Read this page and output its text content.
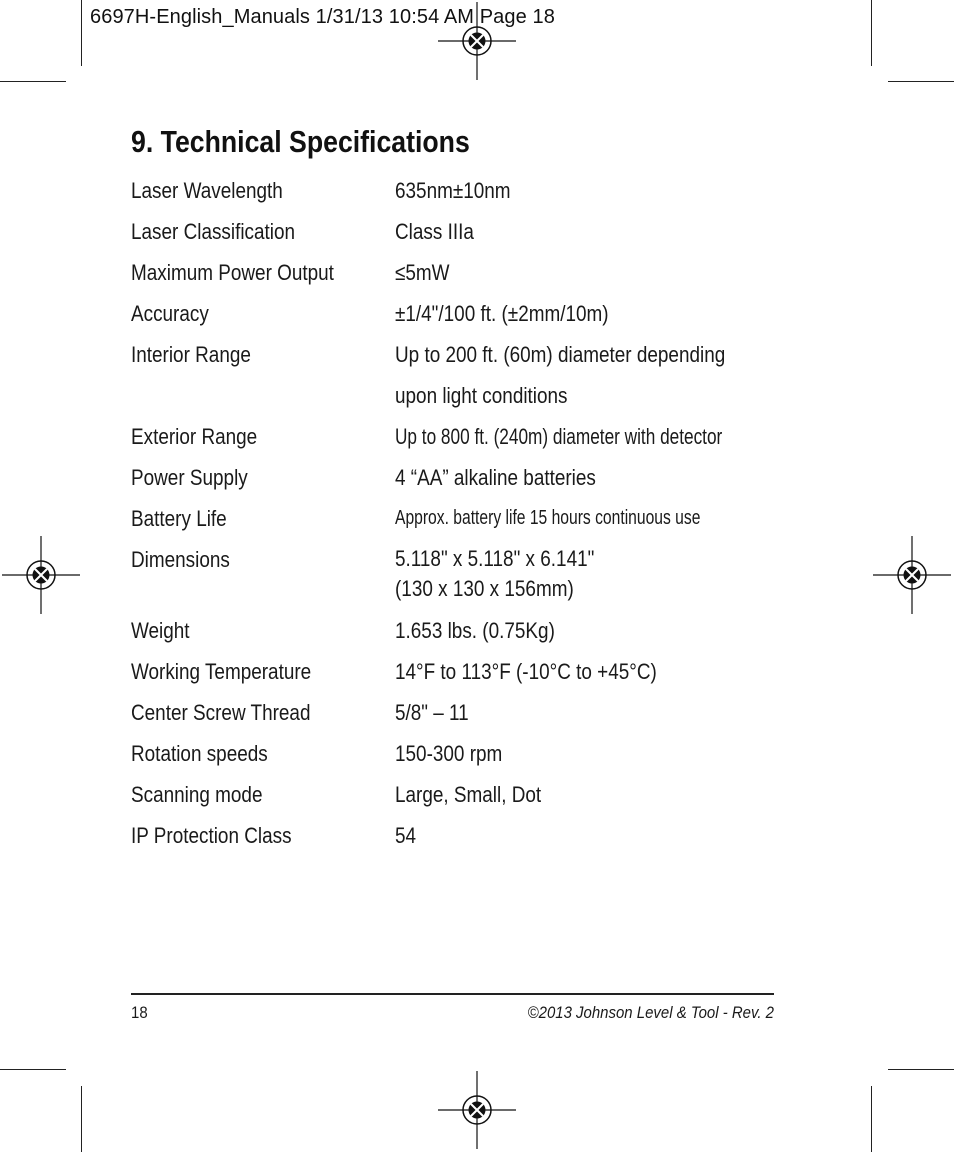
6697H-English_Manuals 1/31/13 10:54 AM Page 18
9. Technical Specifications
Laser Wavelength	635nm±10nm
Laser Classification	Class IIIa
Maximum Power Output	≤5mW
Accuracy	±1/4"/100 ft. (±2mm/10m)
Interior Range	Up to 200 ft. (60m) diameter depending
upon light conditions
Exterior Range	Up to 800 ft. (240m) diameter with detector
Power Supply	4 “AA” alkaline batteries
Battery Life	Approx. battery life 15 hours continuous use
Dimensions	5.118" x 5.118" x 6.141"
(130 x 130 x 156mm)
Weight	1.653 lbs. (0.75Kg)
Working Temperature	14°F to 113°F (-10°C to +45°C)
Center Screw Thread	5/8" – 11
Rotation speeds	150-300 rpm
Scanning mode	Large, Small, Dot
IP Protection Class	54
18	©2013 Johnson Level & Tool - Rev. 2
